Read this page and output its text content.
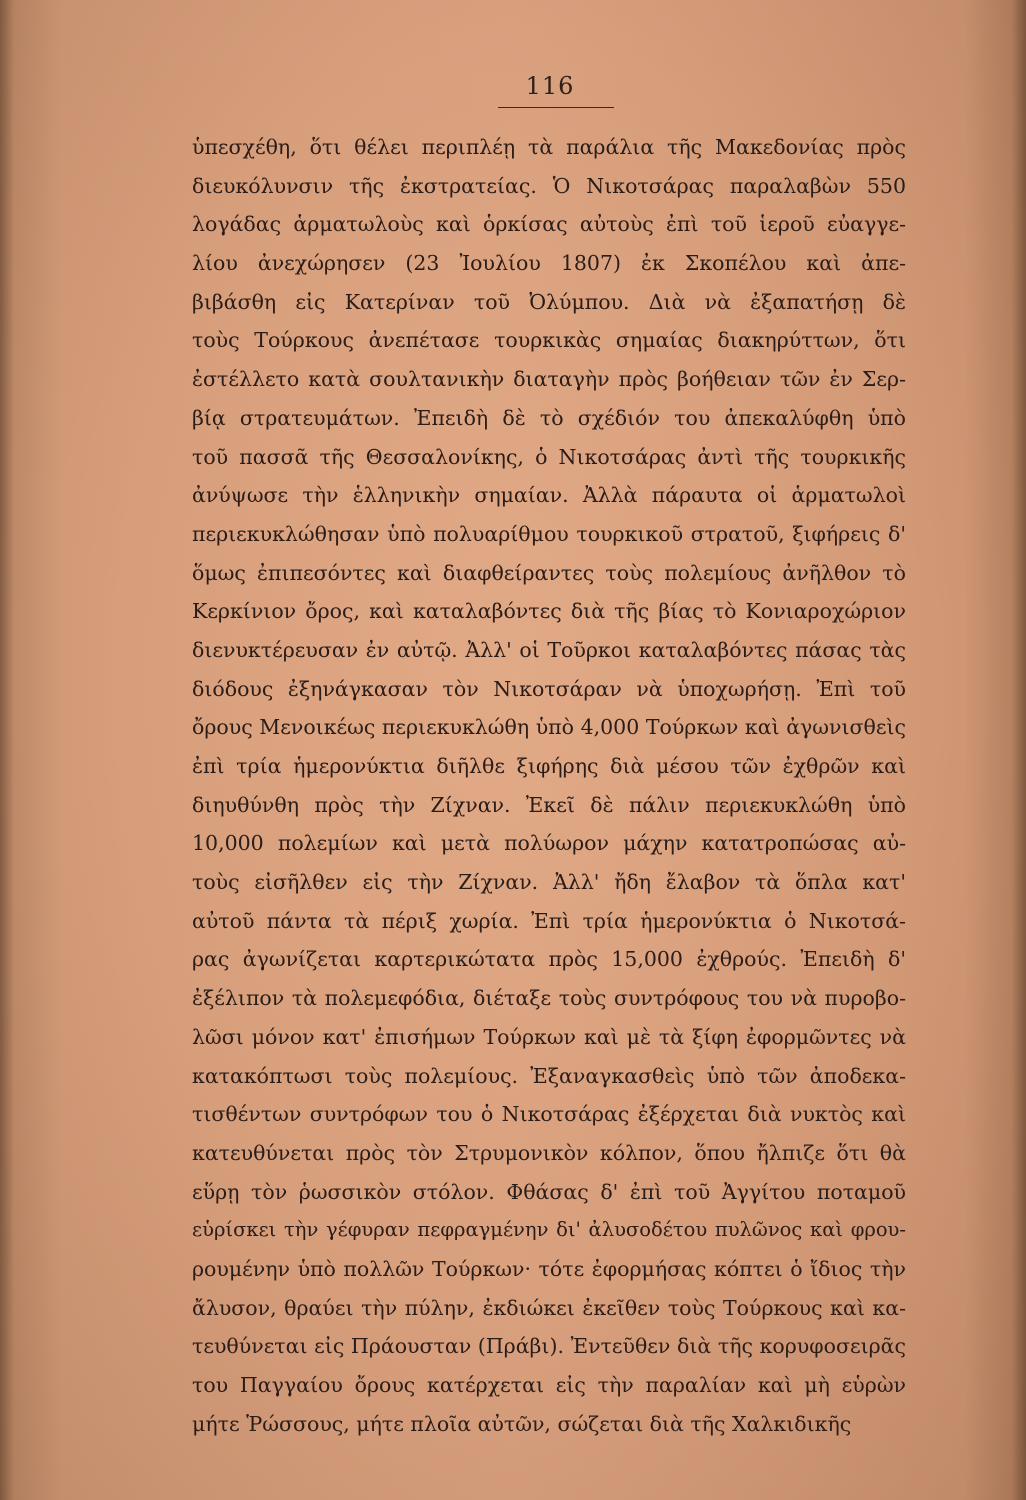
116
ὑπεσχέθη, ὅτι θέλει περιπλέῃ τὰ παράλια τῆς Μακεδονίας πρὸς
διευκόλυνσιν τῆς ἐκστρατείας. Ὁ Νικοτσάρας παραλαβὼν 550
λογάδας ἁρματωλοὺς καὶ ὁρκίσας αὐτοὺς ἐπὶ τοῦ ἱεροῦ εὐαγγε-
λίου ἀνεχώρησεν (23 Ἰουλίου 1807) ἐκ Σκοπέλου καὶ ἀπε-
βιβάσθη εἰς Κατερίναν τοῦ Ὀλύμπου. Διὰ νὰ ἐξαπατήσῃ δὲ
τοὺς Τούρκους ἀνεπέτασε τουρκικὰς σημαίας διακηρύττων, ὅτι
ἐστέλλετο κατὰ σουλτανικὴν διαταγὴν πρὸς βοήθειαν τῶν ἐν Σερ-
βίᾳ στρατευμάτων. Ἐπειδὴ δὲ τὸ σχέδιόν του ἀπεκαλύφθη ὑπὸ
τοῦ πασσᾶ τῆς Θεσσαλονίκης, ὁ Νικοτσάρας ἀντὶ τῆς τουρκικῆς
ἀνύψωσε τὴν ἑλληνικὴν σημαίαν. Ἀλλὰ πάραυτα οἱ ἁρματωλοὶ
περιεκυκλώθησαν ὑπὸ πολυαρίθμου τουρκικοῦ στρατοῦ, ξιφήρεις δ'
ὅμως ἐπιπεσόντες καὶ διαφθείραντες τοὺς πολεμίους ἀνῆλθον τὸ
Κερκίνιον ὄρος, καὶ καταλαβόντες διὰ τῆς βίας τὸ Κονιαροχώριον
διενυκτέρευσαν ἐν αὐτῷ. Ἀλλ' οἱ Τοῦρκοι καταλαβόντες πάσας τὰς
διόδους ἐξηνάγκασαν τὸν Νικοτσάραν νὰ ὑποχωρήσῃ. Ἐπὶ τοῦ
ὄρους Μενοικέως περιεκυκλώθη ὑπὸ 4,000 Τούρκων καὶ ἀγωνισθεὶς
ἐπὶ τρία ἡμερονύκτια διῆλθε ξιφήρης διὰ μέσου τῶν ἐχθρῶν καὶ
διηυθύνθη πρὸς τὴν Ζίχναν. Ἐκεῖ δὲ πάλιν περιεκυκλώθη ὑπὸ
10,000 πολεμίων καὶ μετὰ πολύωρον μάχην κατατροπώσας αὐ-
τοὺς εἰσῆλθεν εἰς τὴν Ζίχναν. Ἀλλ' ἤδη ἔλαβον τὰ ὅπλα κατ'
αὐτοῦ πάντα τὰ πέριξ χωρία. Ἐπὶ τρία ἡμερονύκτια ὁ Νικοτσά-
ρας ἀγωνίζεται καρτερικώτατα πρὸς 15,000 ἐχθρούς. Ἐπειδὴ δ'
ἐξέλιπον τὰ πολεμεφόδια, διέταξε τοὺς συντρόφους του νὰ πυροβο-
λῶσι μόνον κατ' ἐπισήμων Τούρκων καὶ μὲ τὰ ξίφη ἐφορμῶντες νὰ
κατακόπτωσι τοὺς πολεμίους. Ἐξαναγκασθεὶς ὑπὸ τῶν ἀποδεκα-
τισθέντων συντρόφων του ὁ Νικοτσάρας ἐξέρχεται διὰ νυκτὸς καὶ
κατευθύνεται πρὸς τὸν Στρυμονικὸν κόλπον, ὅπου ἤλπιζε ὅτι θὰ
εὕρῃ τὸν ῥωσσικὸν στόλον. Φθάσας δ' ἐπὶ τοῦ Ἀγγίτου ποταμοῦ
εὑρίσκει τὴν γέφυραν πεφραγμένην δι' ἀλυσοδέτου πυλῶνος καὶ φρου-
ρουμένην ὑπὸ πολλῶν Τούρκων· τότε ἐφορμήσας κόπτει ὁ ἴδιος τὴν
ἄλυσον, θραύει τὴν πύλην, ἐκδιώκει ἐκεῖθεν τοὺς Τούρκους καὶ κα-
τευθύνεται εἰς Πράουσταν (Πράβι). Ἐντεῦθεν διὰ τῆς κορυφοσειρᾶς
του Παγγαίου ὄρους κατέρχεται εἰς τὴν παραλίαν καὶ μὴ εὑρὼν
μήτε Ῥώσσους, μήτε πλοῖα αὐτῶν, σώζεται διὰ τῆς Χαλκιδικῆς
